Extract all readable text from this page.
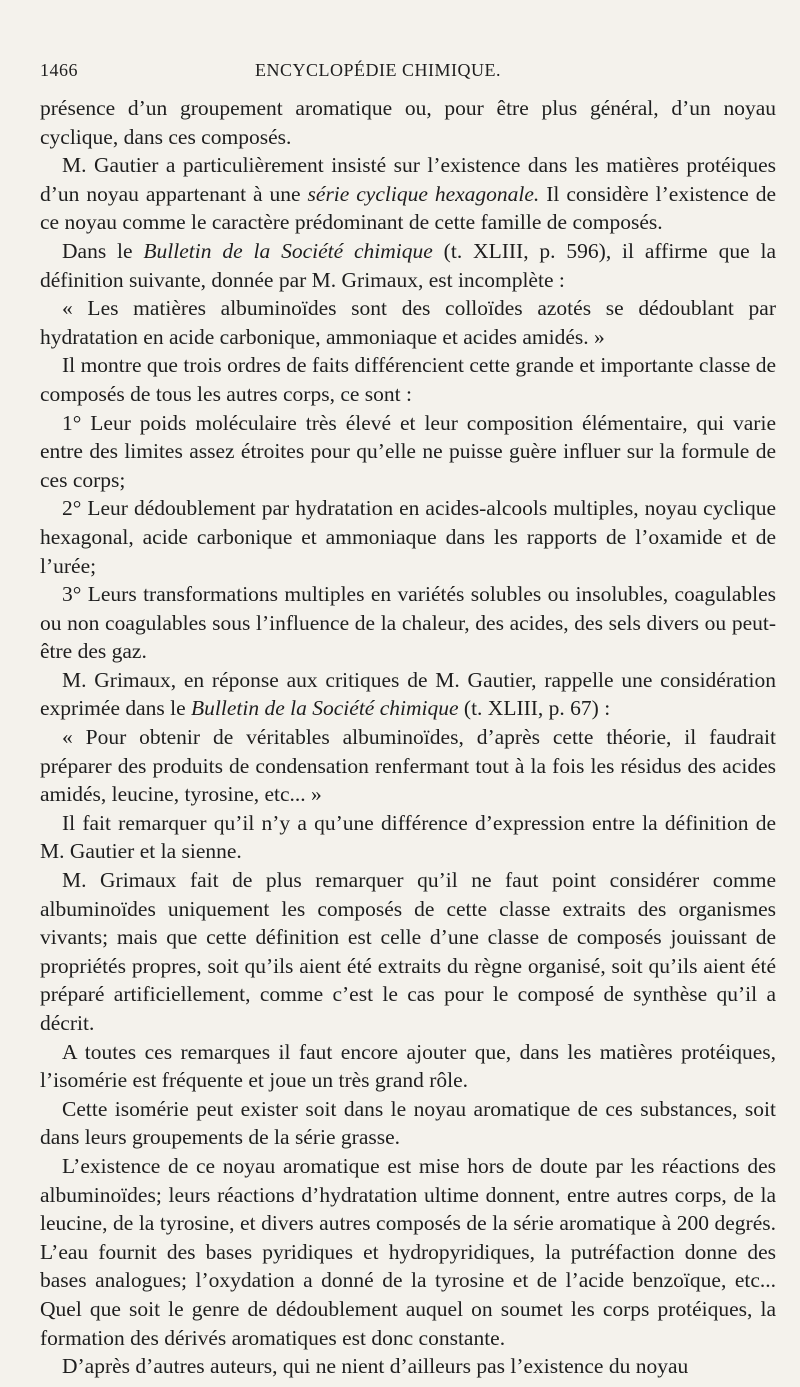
1466	ENCYCLOPÉDIE CHIMIQUE.

présence d’un groupement aromatique ou, pour être plus général, d’un noyau cyclique, dans ces composés.

M. Gautier a particulièrement insisté sur l’existence dans les matières protéiques d’un noyau appartenant à une série cyclique hexagonale. Il considère l’existence de ce noyau comme le caractère prédominant de cette famille de composés.

Dans le Bulletin de la Société chimique (t. XLIII, p. 596), il affirme que la définition suivante, donnée par M. Grimaux, est incomplète :

« Les matières albuminoïdes sont des colloïdes azotés se dédoublant par hydratation en acide carbonique, ammoniaque et acides amidés. »

Il montre que trois ordres de faits différencient cette grande et importante classe de composés de tous les autres corps, ce sont :

1° Leur poids moléculaire très élevé et leur composition élémentaire, qui varie entre des limites assez étroites pour qu’elle ne puisse guère influer sur la formule de ces corps;

2° Leur dédoublement par hydratation en acides-alcools multiples, noyau cyclique hexagonal, acide carbonique et ammoniaque dans les rapports de l’oxamide et de l’urée;

3° Leurs transformations multiples en variétés solubles ou insolubles, coagulables ou non coagulables sous l’influence de la chaleur, des acides, des sels divers ou peut-être des gaz.

M. Grimaux, en réponse aux critiques de M. Gautier, rappelle une considération exprimée dans le Bulletin de la Société chimique (t. XLIII, p. 67) :

« Pour obtenir de véritables albuminoïdes, d’après cette théorie, il faudrait préparer des produits de condensation renfermant tout à la fois les résidus des acides amidés, leucine, tyrosine, etc... »

Il fait remarquer qu’il n’y a qu’une différence d’expression entre la définition de M. Gautier et la sienne.

M. Grimaux fait de plus remarquer qu’il ne faut point considérer comme albuminoïdes uniquement les composés de cette classe extraits des organismes vivants; mais que cette définition est celle d’une classe de composés jouissant de propriétés propres, soit qu’ils aient été extraits du règne organisé, soit qu’ils aient été préparé artificiellement, comme c’est le cas pour le composé de synthèse qu’il a décrit.

A toutes ces remarques il faut encore ajouter que, dans les matières protéiques, l’isomérie est fréquente et joue un très grand rôle.

Cette isomérie peut exister soit dans le noyau aromatique de ces substances, soit dans leurs groupements de la série grasse.

L’existence de ce noyau aromatique est mise hors de doute par les réactions des albuminoïdes; leurs réactions d’hydratation ultime donnent, entre autres corps, de la leucine, de la tyrosine, et divers autres composés de la série aromatique à 200 degrés. L’eau fournit des bases pyridiques et hydropyridiques, la putréfaction donne des bases analogues; l’oxydation a donné de la tyrosine et de l’acide benzoïque, etc... Quel que soit le genre de dédoublement auquel on soumet les corps protéiques, la formation des dérivés aromatiques est donc constante.

D’après d’autres auteurs, qui ne nient d’ailleurs pas l’existence du noyau
